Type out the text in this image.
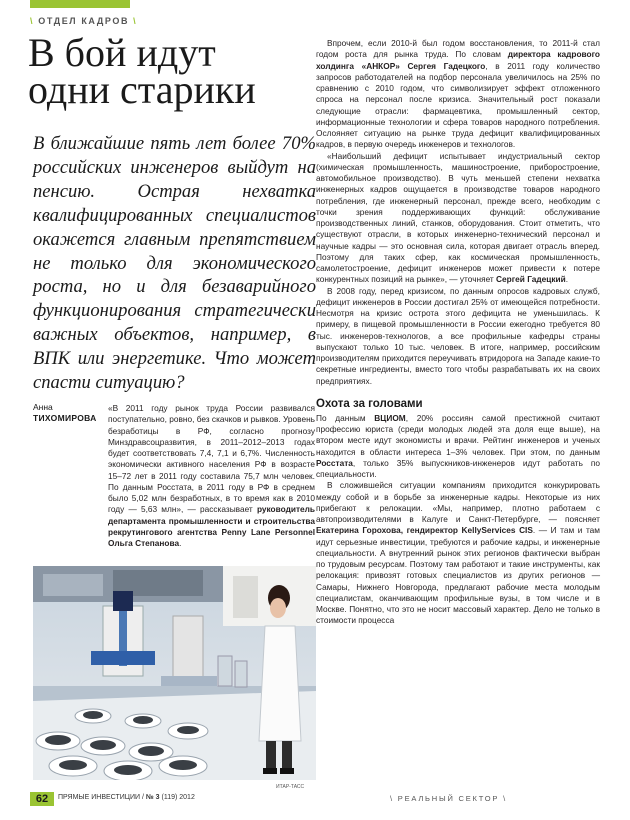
\ ОТДЕЛ КАДРОВ \
В бой идут
одни старики

В ближайшие пять лет более 70% российских инженеров выйдут на пенсию. Острая нехватка квалифицированных специалистов окажется главным препятствием не только для экономического роста, но и для безаварийного функционирования стратегически важных объектов, например, в ВПК или энергетике. Что может спасти ситуацию?

Анна
ТИХОМИРОВА

«В 2011 году рынок труда России развивался поступательно, ровно, без скачков и рывков. Уровень безработицы в РФ, согласно прогнозу Минздравсоцразвития, в 2011–2012–2013 годах будет соответствовать 7,4, 7,1 и 6,7%. Численность экономически активного населения РФ в возрасте 15–72 лет в 2011 году составила 75,7 млн человек. По данным Росстата, в 2011 году в РФ в среднем было 5,02 млн безработных, в то время как в 2010 году — 5,63 млн», — рассказывает руководитель департамента промышленности и строительства рекрутингового агентства Penny Lane Personnel Ольга Степанова.

ИТАР-ТАСС

Впрочем, если 2010-й был годом восстановления, то 2011-й стал годом роста для рынка труда. По словам директора кадрового холдинга «АНКОР» Сергея Гадецкого, в 2011 году количество запросов работодателей на подбор персонала увеличилось на 25% по сравнению с 2010 годом, что символизирует эффект отложенного спроса на персонал после кризиса. Значительный рост показали следующие отрасли: фармацевтика, промышленный сектор, информационные технологии и сфера товаров народного потребления. Ослояняет ситуацию на рынке труда дефицит квалифицированных кадров, в первую очередь инженеров и технологов.

«Наибольший дефицит испытывает индустриальный сектор (химическая промышленность, машиностроение, приборостроение, автомобильное производство). В чуть меньшей степени нехватка инженерных кадров ощущается в производстве товаров народного потребления, где инженерный персонал, прежде всего, необходим с точки зрения поддерживающих функций: обслуживание производственных линий, станков, оборудования. Стоит отметить, что существуют отрасли, в которых инженерно-технический персонал и научные кадры — это основная сила, которая двигает отрасль вперед. Поэтому для таких сфер, как космическая промышленность, самолетостроение, дефицит инженеров может привести к потере конкурентных позиций на рынке», — уточняет Сергей Гадецкий.

В 2008 году, перед кризисом, по данным опросов кадровых служб, дефицит инженеров в России достигал 25% от имеющейся потребности. Несмотря на кризис острота этого дефицита не уменьшилась. К примеру, в пищевой промышленности в России ежегодно требуется 80 тыс. инженеров-технологов, а все профильные кафедры страны выпускают только 10 тыс. человек. В итоге, например, российским производителям приходится переучивать втридорога на Западе какие-то секретные ингредиенты, вместо того чтобы разрабатывать их на своих предприятиях.

Охота за головами

По данным ВЦИОМ, 20% россиян самой престижной считают профессию юриста (среди молодых людей эта доля еще выше), на втором месте идут экономисты и врачи. Рейтинг инженеров и ученых находится в области интереса 1–3% человек. При этом, по данным Росстата, только 35% выпускников-инженеров идут работать по специальности.

В сложившейся ситуации компаниям приходится конкурировать между собой и в борьбе за инженерные кадры. Некоторые из них прибегают к релокации. «Мы, например, плотно работаем с автопроизводителями в Калуге и Санкт-Петербурге, — поясняет Екатерина Горохова, гендиректор KellyServices CIS. — И там и там идут серьезные инвестиции, требуются и рабочие кадры, и инженерные специальности. А внутренний рынок этих регионов фактически выбран по трудовым ресурсам. Поэтому там работают и такие инструменты, как релокация: привозят готовых специалистов из других регионов — Самары, Нижнего Новгорода, предлагают рабочие места молодым специалистам, оканчивающим профильные вузы, в том числе и в Москве. Понятно, что это не носит массовый характер. Дело не только в стоимости процесса

62	ПРЯМЫЕ ИНВЕСТИЦИИ / № 3 (119) 2012	\ РЕАЛЬНЫЙ СЕКТОР \
